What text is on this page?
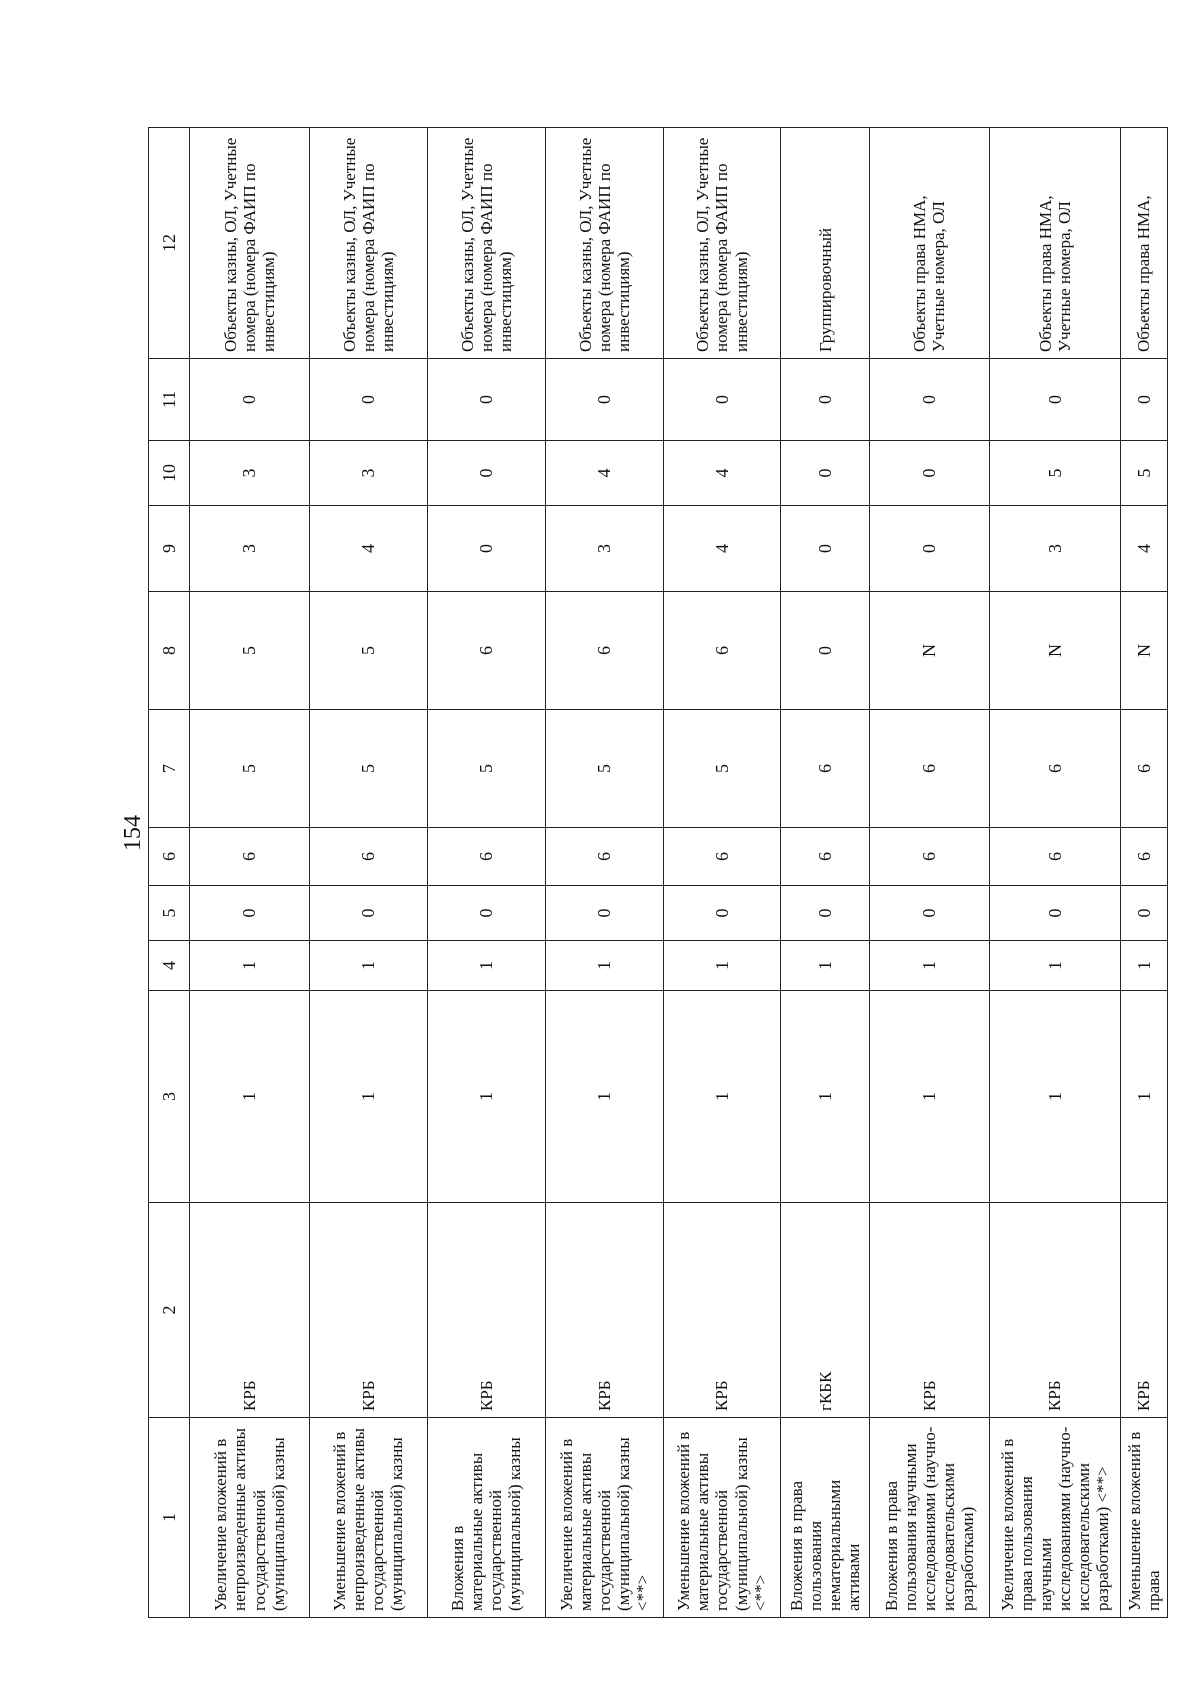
154
1	2	3	4	5	6	7	8	9	10	11	12
Увеличение вложений в непроизведенные активы государственной (муниципальной) казны	КРБ	1	1	0	6	5	5	3	3	0	Объекты казны, ОЛ, Учетные номера (номера ФАИП по инвестициям)
Уменьшение вложений в непроизведенные активы государственной (муниципальной) казны	КРБ	1	1	0	6	5	5	4	3	0	Объекты казны, ОЛ, Учетные номера (номера ФАИП по инвестициям)
Вложения в материальные активы государственной (муниципальной) казны	КРБ	1	1	0	6	5	6	0	0	0	Объекты казны, ОЛ, Учетные номера (номера ФАИП по инвестициям)
Увеличение вложений в материальные активы государственной (муниципальной) казны <**>	КРБ	1	1	0	6	5	6	3	4	0	Объекты казны, ОЛ, Учетные номера (номера ФАИП по инвестициям)
Уменьшение вложений в материальные активы государственной (муниципальной) казны <**>	КРБ	1	1	0	6	5	6	4	4	0	Объекты казны, ОЛ, Учетные номера (номера ФАИП по инвестициям)
Вложения в права пользования нематериальными активами	гКБК	1	1	0	6	6	0	0	0	0	Группировочный
Вложения в права пользования научными исследованиями (научно-исследовательскими разработками)	КРБ	1	1	0	6	6	N	0	0	0	Объекты права НМА, Учетные номера, ОЛ
Увеличение вложений в права пользования научными исследованиями (научно-исследовательскими разработками) <**>	КРБ	1	1	0	6	6	N	3	5	0	Объекты права НМА, Учетные номера, ОЛ
Уменьшение вложений в права	КРБ	1	1	0	6	6	N	4	5	0	Объекты права НМА,
